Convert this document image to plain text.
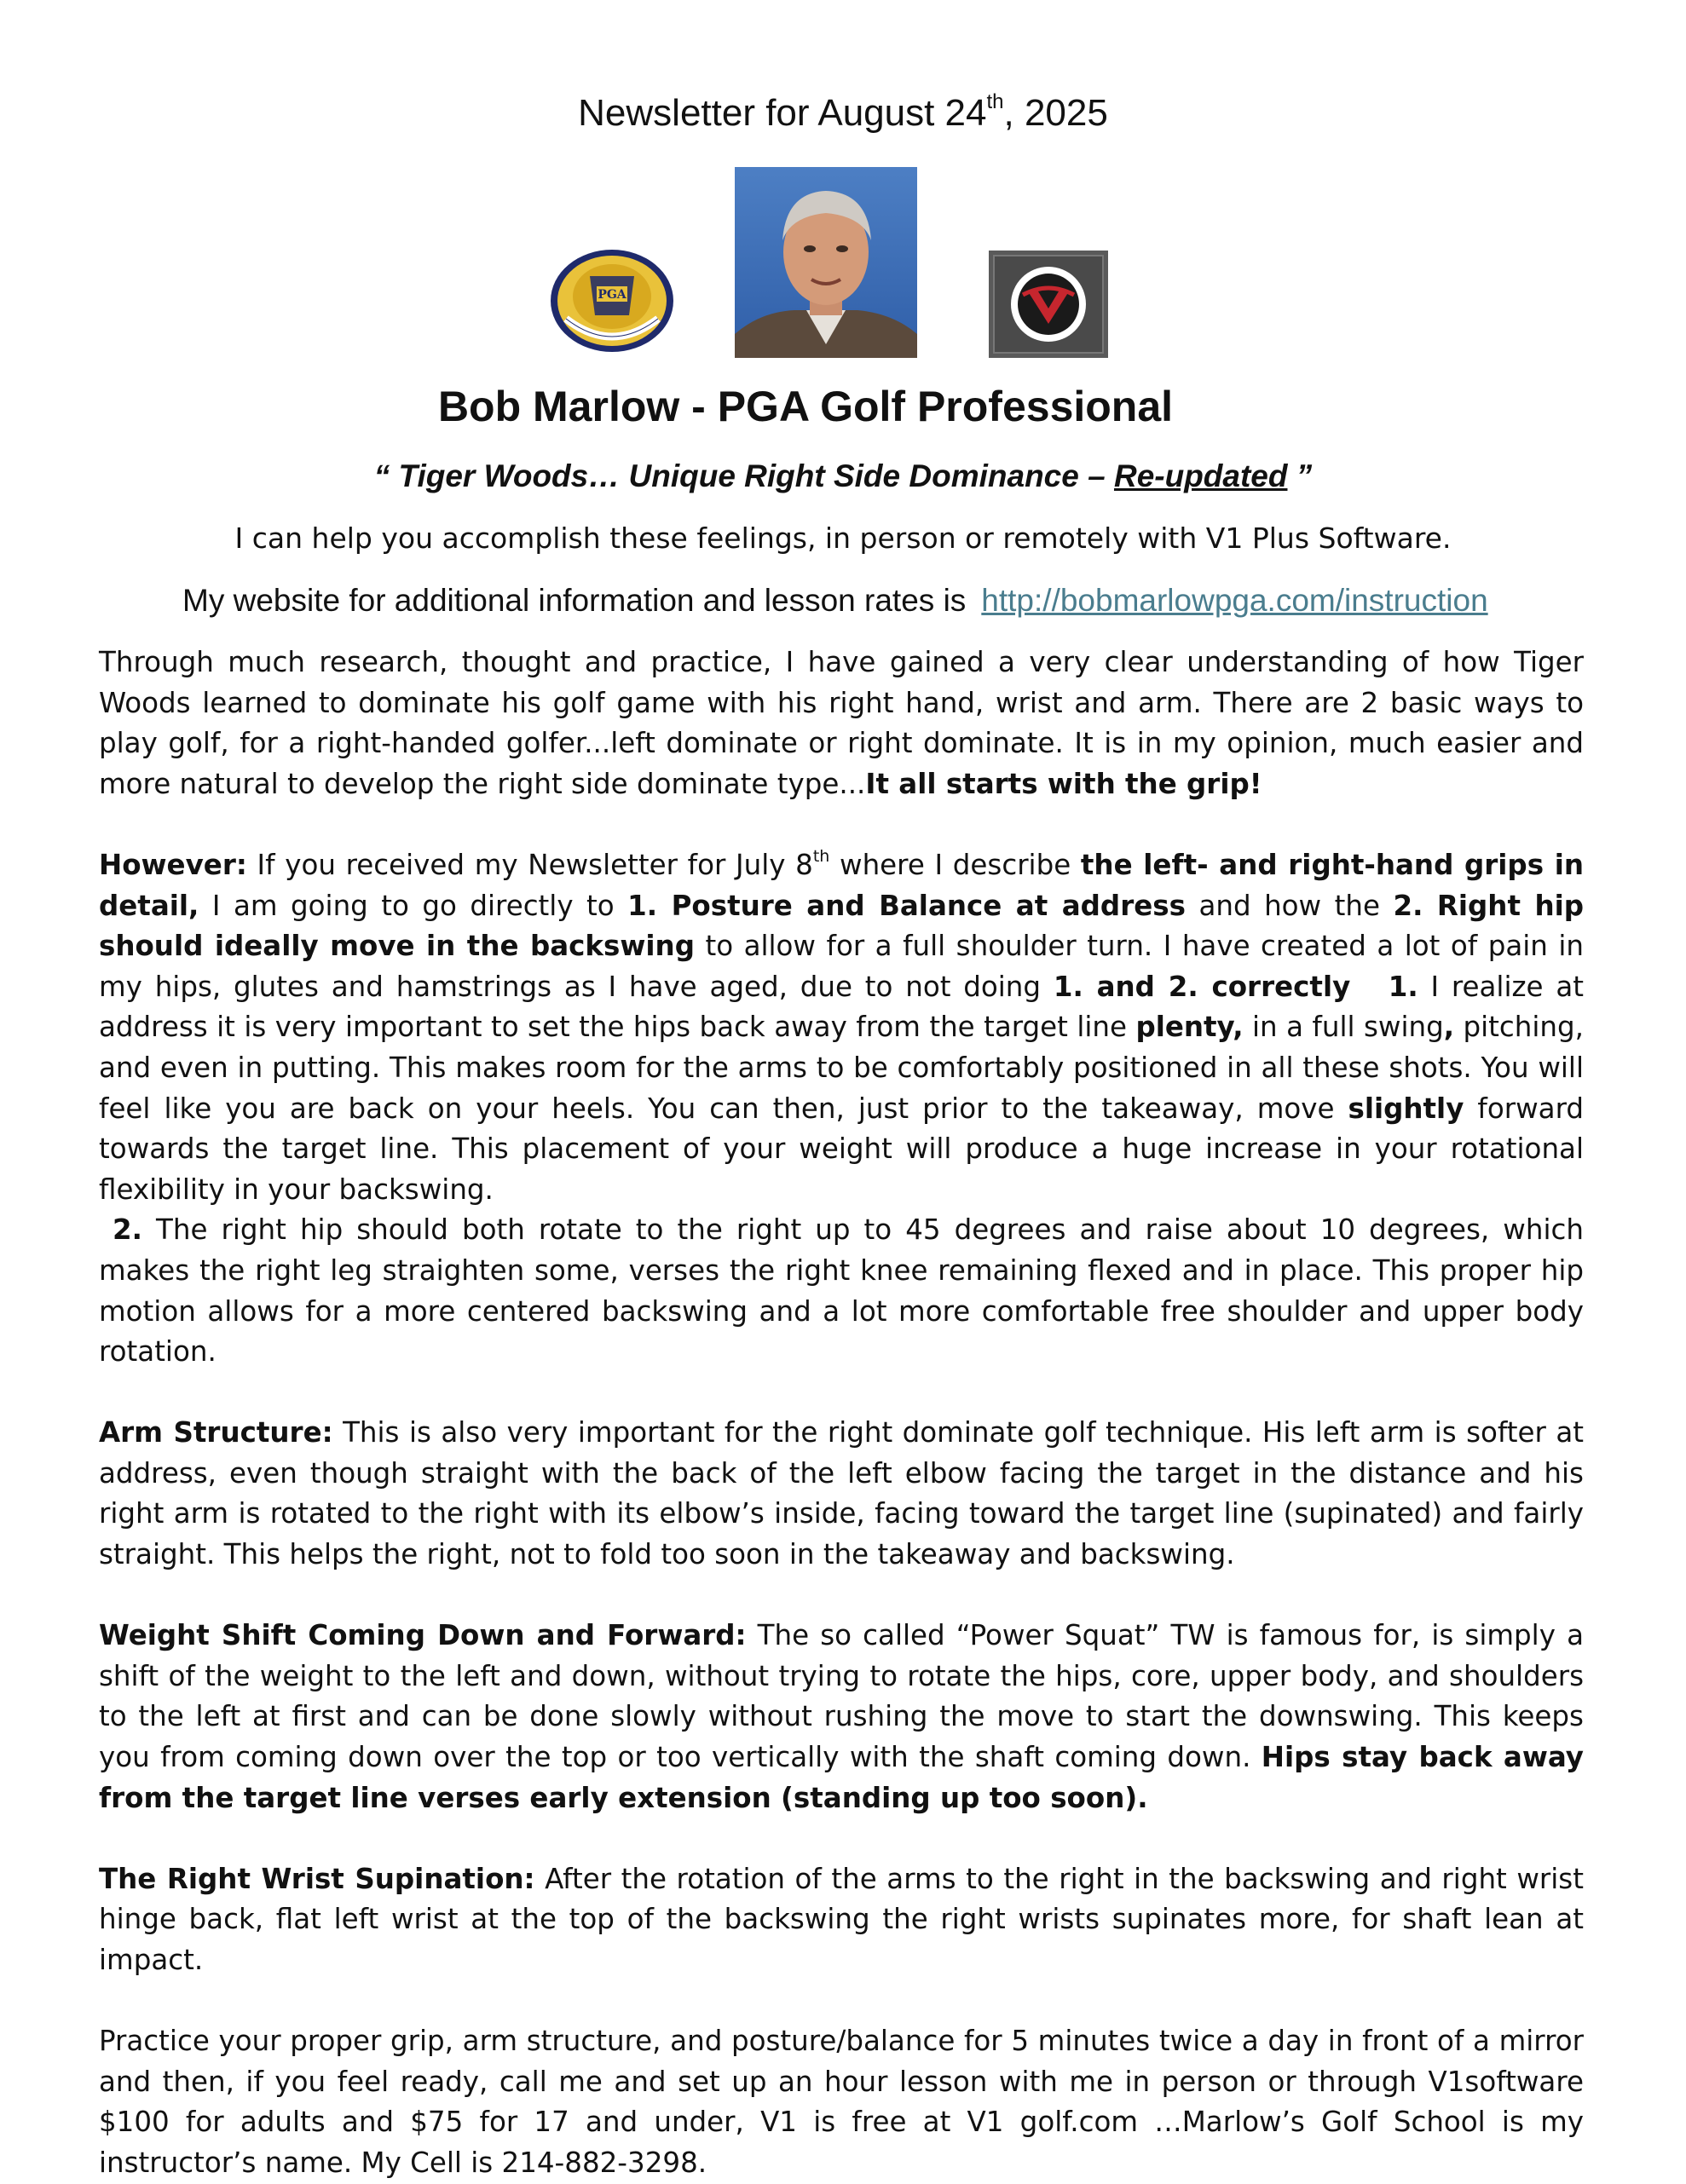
Newsletter for August 24th, 2025
PGA
Bob Marlow - PGA Golf Professional
“ Tiger Woods… Unique Right Side Dominance – Re-updated ”
I can help you accomplish these feelings, in person or remotely with V1 Plus Software.
My website for additional information and lesson rates is http://bobmarlowpga.com/instruction

Through much research, thought and practice, I have gained a very clear understanding of how Tiger Woods learned to dominate his golf game with his right hand, wrist and arm. There are 2 basic ways to play golf, for a right-handed golfer...left dominate or right dominate. It is in my opinion, much easier and more natural to develop the right side dominate type...It all starts with the grip!

However: If you received my Newsletter for July 8th where I describe the left- and right-hand grips in detail, I am going to go directly to 1. Posture and Balance at address and how the 2. Right hip should ideally move in the backswing to allow for a full shoulder turn. I have created a lot of pain in my hips, glutes and hamstrings as I have aged, due to not doing 1. and 2. correctly 1. I realize at address it is very important to set the hips back away from the target line plenty, in a full swing, pitching, and even in putting. This makes room for the arms to be comfortably positioned in all these shots. You will feel like you are back on your heels. You can then, just prior to the takeaway, move slightly forward towards the target line. This placement of your weight will produce a huge increase in your rotational flexibility in your backswing.

2. The right hip should both rotate to the right up to 45 degrees and raise about 10 degrees, which makes the right leg straighten some, verses the right knee remaining flexed and in place. This proper hip motion allows for a more centered backswing and a lot more comfortable free shoulder and upper body rotation.

Arm Structure: This is also very important for the right dominate golf technique. His left arm is softer at address, even though straight with the back of the left elbow facing the target in the distance and his right arm is rotated to the right with its elbow’s inside, facing toward the target line (supinated) and fairly straight. This helps the right, not to fold too soon in the takeaway and backswing.

Weight Shift Coming Down and Forward: The so called “Power Squat” TW is famous for, is simply a shift of the weight to the left and down, without trying to rotate the hips, core, upper body, and shoulders to the left at first and can be done slowly without rushing the move to start the downswing. This keeps you from coming down over the top or too vertically with the shaft coming down. Hips stay back away from the target line verses early extension (standing up too soon).

The Right Wrist Supination: After the rotation of the arms to the right in the backswing and right wrist hinge back, flat left wrist at the top of the backswing the right wrists supinates more, for shaft lean at impact.

Practice your proper grip, arm structure, and posture/balance for 5 minutes twice a day in front of a mirror and then, if you feel ready, call me and set up an hour lesson with me in person or through V1software $100 for adults and $75 for 17 and under, V1 is free at V1 golf.com …Marlow’s Golf School is my instructor’s name. My Cell is 214-882-3298.
